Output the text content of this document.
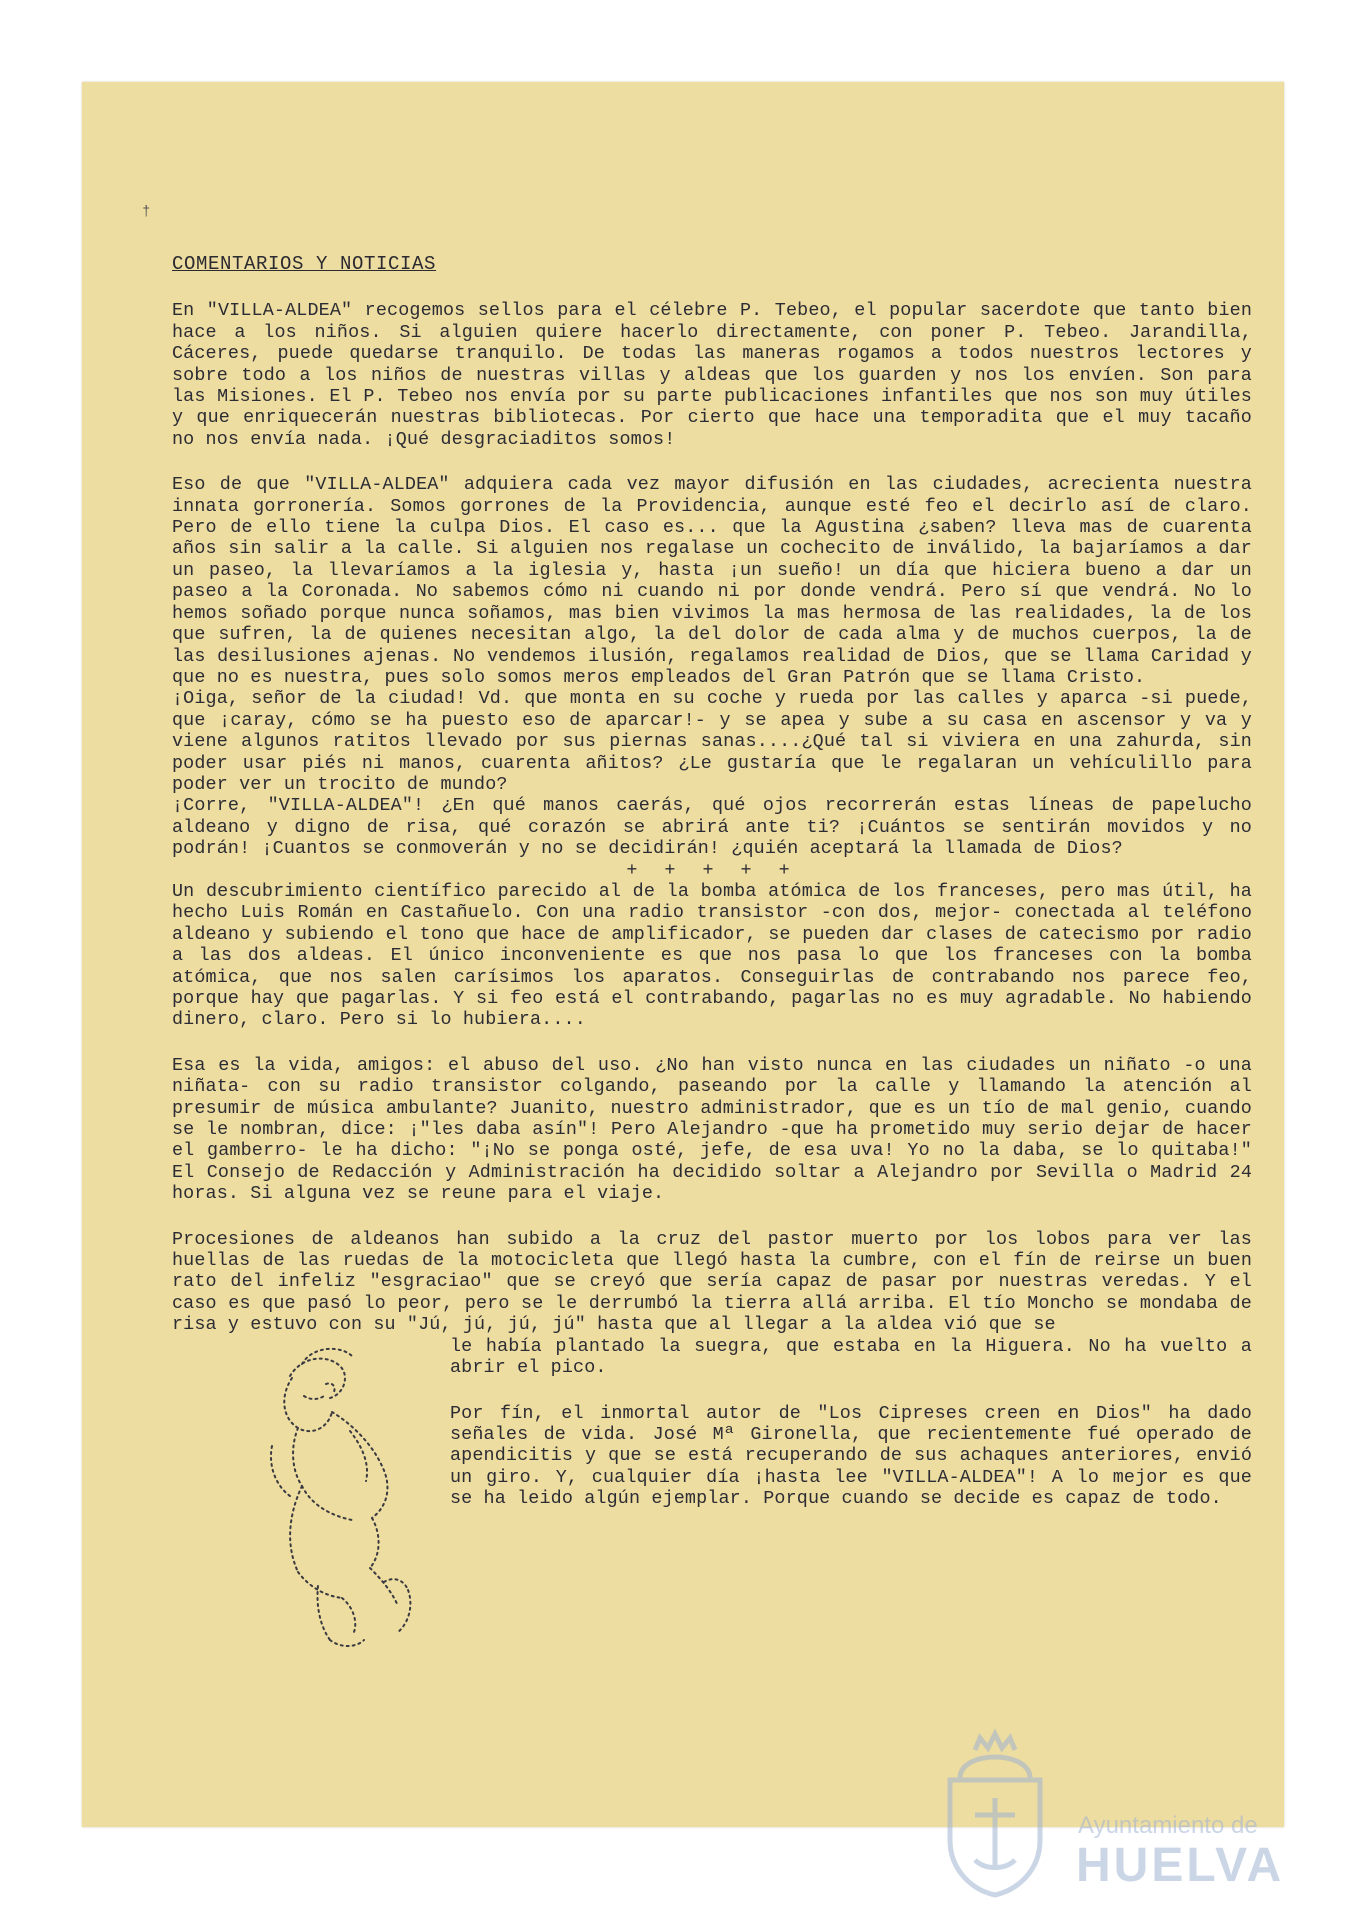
†
COMENTARIOS Y NOTICIAS

En "VILLA-ALDEA" recogemos sellos para el célebre P. Tebeo, el popular sacerdote que tanto bien hace a los niños. Si alguien quiere hacerlo directamente, con poner P. Tebeo. Jarandilla, Cáceres, puede quedarse tranquilo. De todas las maneras rogamos a todos nuestros lectores y sobre todo a los niños de nuestras villas y aldeas que los guarden y nos los envíen. Son para las Misiones. El P. Tebeo nos envía por su parte publicaciones infantiles que nos son muy útiles y que enriquecerán nuestras bibliotecas. Por cierto que hace una temporadita que el muy tacaño no nos envía nada. ¡Qué desgraciaditos somos!

Eso de que "VILLA-ALDEA" adquiera cada vez mayor difusión en las ciudades, acrecienta nuestra innata gorronería. Somos gorrones de la Providencia, aunque esté feo el decirlo así de claro. Pero de ello tiene la culpa Dios. El caso es... que la Agustina ¿saben? lleva mas de cuarenta años sin salir a la calle. Si alguien nos regalase un cochecito de inválido, la bajaríamos a dar un paseo, la llevaríamos a la iglesia y, hasta ¡un sueño! un día que hiciera bueno a dar un paseo a la Coronada. No sabemos cómo ni cuando ni por donde vendrá. Pero sí que vendrá. No lo hemos soñado porque nunca soñamos, mas bien vivimos la mas hermosa de las realidades, la de los que sufren, la de quienes necesitan algo, la del dolor de cada alma y de muchos cuerpos, la de las desilusiones ajenas. No vendemos ilusión, regalamos realidad de Dios, que se llama Caridad y que no es nuestra, pues solo somos meros empleados del Gran Patrón que se llama Cristo.

¡Oiga, señor de la ciudad! Vd. que monta en su coche y rueda por las calles y aparca -si puede, que ¡caray, cómo se ha puesto eso de aparcar!- y se apea y sube a su casa en ascensor y va y viene algunos ratitos llevado por sus piernas sanas....¿Qué tal si viviera en una zahurda, sin poder usar piés ni manos, cuarenta añitos? ¿Le gustaría que le regalaran un vehículillo para poder ver un trocito de mundo?

¡Corre, "VILLA-ALDEA"! ¿En qué manos caerás, qué ojos recorrerán estas líneas de papelucho aldeano y digno de risa, qué corazón se abrirá ante ti? ¡Cuántos se sentirán movidos y no podrán! ¡Cuantos se conmoverán y no se decidirán! ¿quién aceptará la llamada de Dios?

+ + + + +

Un descubrimiento científico parecido al de la bomba atómica de los franceses, pero mas útil, ha hecho Luis Román en Castañuelo. Con una radio transistor -con dos, mejor- conectada al teléfono aldeano y subiendo el tono que hace de amplificador, se pueden dar clases de catecismo por radio a las dos aldeas. El único inconveniente es que nos pasa lo que los franceses con la bomba atómica, que nos salen carísimos los aparatos. Conseguirlas de contrabando nos parece feo, porque hay que pagarlas. Y si feo está el contrabando, pagarlas no es muy agradable. No habiendo dinero, claro. Pero si lo hubiera....

Esa es la vida, amigos: el abuso del uso. ¿No han visto nunca en las ciudades un niñato -o una niñata- con su radio transistor colgando, paseando por la calle y llamando la atención al presumir de música ambulante? Juanito, nuestro administrador, que es un tío de mal genio, cuando se le nombran, dice: ¡"les daba asín"! Pero Alejandro -que ha prometido muy serio dejar de hacer el gamberro- le ha dicho: "¡No se ponga osté, jefe, de esa uva! Yo no la daba, se lo quitaba!" El Consejo de Redacción y Administración ha decidido soltar a Alejandro por Sevilla o Madrid 24 horas. Si alguna vez se reune para el viaje.

Procesiones de aldeanos han subido a la cruz del pastor muerto por los lobos para ver las huellas de las ruedas de la motocicleta que llegó hasta la cumbre, con el fín de reirse un buen rato del infeliz "esgraciao" que se creyó que sería capaz de pasar por nuestras veredas. Y el caso es que pasó lo peor, pero se le derrumbó la tierra allá arriba. El tío Moncho se mondaba de risa y estuvo con su "Jú, jú, jú, jú" hasta que al llegar a la aldea vió que se

le había plantado la suegra, que estaba en la Higuera. No ha vuelto a abrir el pico.

Por fín, el inmortal autor de "Los Cipreses creen en Dios" ha dado señales de vida. José Mª Gironella, que recientemente fué operado de apendicitis y que se está recuperando de sus achaques anteriores, envió un giro. Y, cualquier día ¡hasta lee "VILLA-ALDEA"! A lo mejor es que se ha leido algún ejemplar. Porque cuando se decide es capaz de todo.

Ayuntamiento de
HUELVA
